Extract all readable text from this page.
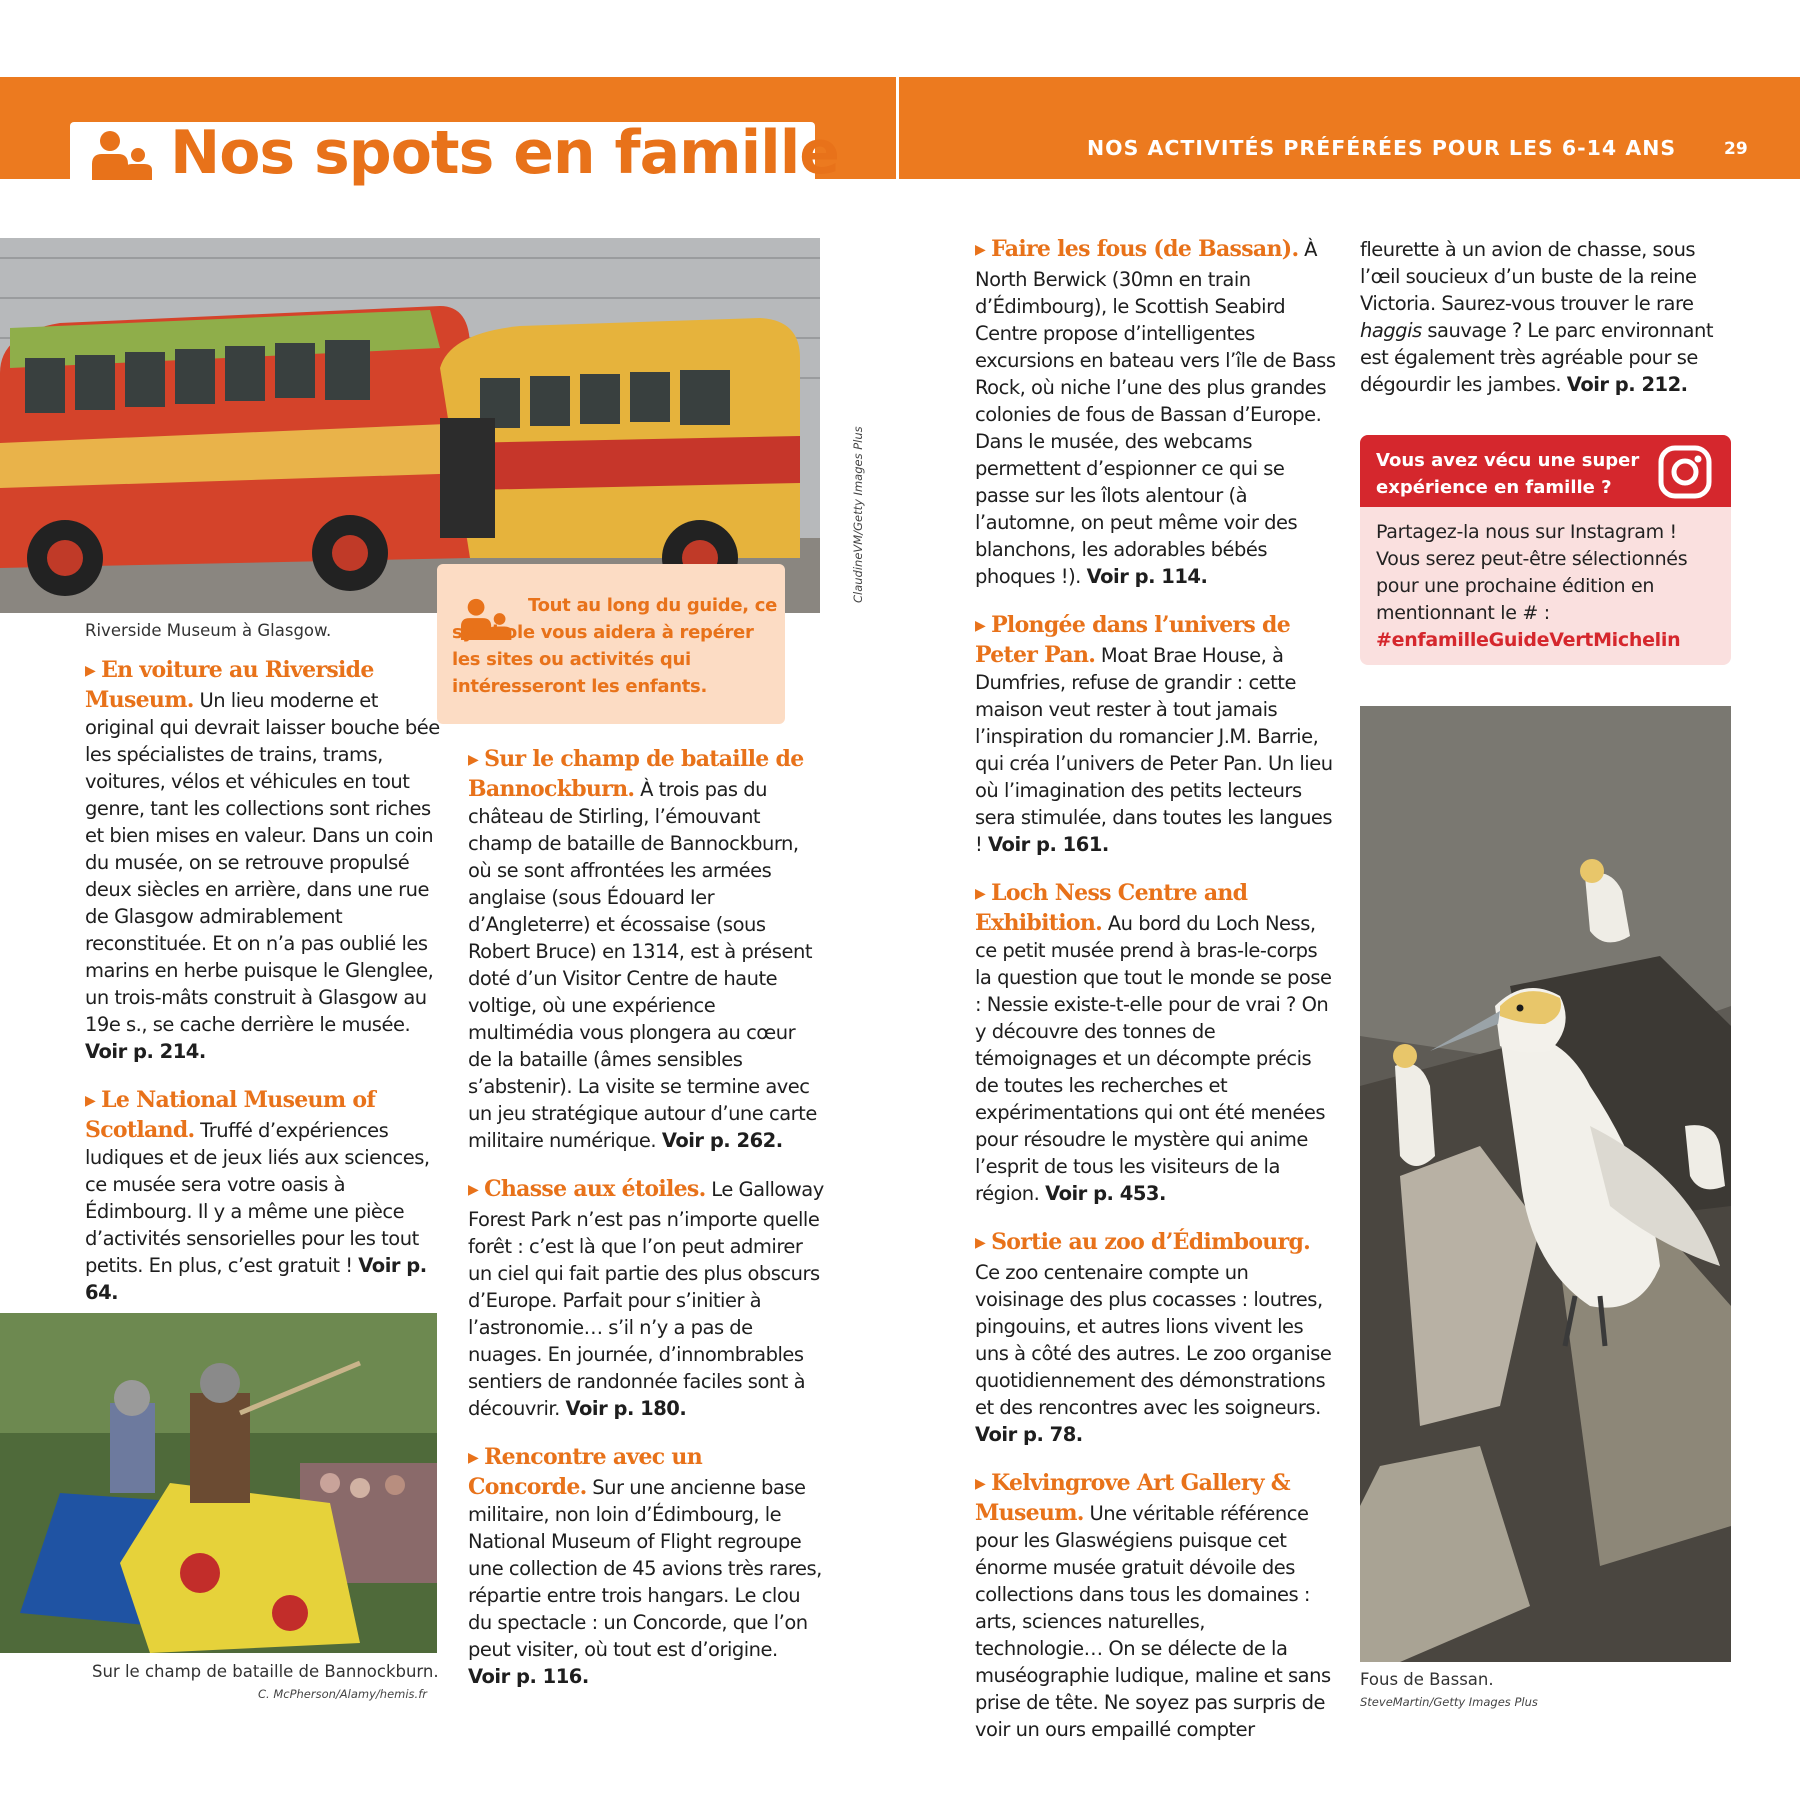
Nos spots en famille	NOS ACTIVITÉS PRÉFÉRÉES POUR LES 6-14 ANS	29
ClaudineVM/Getty Images Plus
Riverside Museum à Glasgow.
Tout au long du guide, ce symbole vous aidera à repérer les sites ou activités qui intéresseront les enfants.

▶ En voiture au Riverside Museum. Un lieu moderne et original qui devrait laisser bouche bée les spécialistes de trains, trams, voitures, vélos et véhicules en tout genre, tant les collections sont riches et bien mises en valeur. Dans un coin du musée, on se retrouve propulsé deux siècles en arrière, dans une rue de Glasgow admirablement reconstituée. Et on n’a pas oublié les marins en herbe puisque le Glenglee, un trois-mâts construit à Glasgow au 19e s., se cache derrière le musée. Voir p. 214.

▶ Le National Museum of Scotland. Truffé d’expériences ludiques et de jeux liés aux sciences, ce musée sera votre oasis à Édimbourg. Il y a même une pièce d’activités sensorielles pour les tout petits. En plus, c’est gratuit ! Voir p. 64.

Sur le champ de bataille de Bannockburn.
C. McPherson/Alamy/hemis.fr

▶ Sur le champ de bataille de Bannockburn. À trois pas du château de Stirling, l’émouvant champ de bataille de Bannockburn, où se sont affrontées les armées anglaise (sous Édouard Ier d’Angleterre) et écossaise (sous Robert Bruce) en 1314, est à présent doté d’un Visitor Centre de haute voltige, où une expérience multimédia vous plongera au cœur de la bataille (âmes sensibles s’abstenir). La visite se termine avec un jeu stratégique autour d’une carte militaire numérique. Voir p. 262.

▶ Chasse aux étoiles. Le Galloway Forest Park n’est pas n’importe quelle forêt : c’est là que l’on peut admirer un ciel qui fait partie des plus obscurs d’Europe. Parfait pour s’initier à l’astronomie… s’il n’y a pas de nuages. En journée, d’innombrables sentiers de randonnée faciles sont à découvrir. Voir p. 180.

▶ Rencontre avec un Concorde. Sur une ancienne base militaire, non loin d’Édimbourg, le National Museum of Flight regroupe une collection de 45 avions très rares, répartie entre trois hangars. Le clou du spectacle : un Concorde, que l’on peut visiter, où tout est d’origine. Voir p. 116.

▶ Faire les fous (de Bassan). À North Berwick (30mn en train d’Édimbourg), le Scottish Seabird Centre propose d’intelligentes excursions en bateau vers l’île de Bass Rock, où niche l’une des plus grandes colonies de fous de Bassan d’Europe. Dans le musée, des webcams permettent d’espionner ce qui se passe sur les îlots alentour (à l’automne, on peut même voir des blanchons, les adorables bébés phoques !). Voir p. 114.

▶ Plongée dans l’univers de Peter Pan. Moat Brae House, à Dumfries, refuse de grandir : cette maison veut rester à tout jamais l’inspiration du romancier J.M. Barrie, qui créa l’univers de Peter Pan. Un lieu où l’imagination des petits lecteurs sera stimulée, dans toutes les langues ! Voir p. 161.

▶ Loch Ness Centre and Exhibition. Au bord du Loch Ness, ce petit musée prend à bras-le-corps la question que tout le monde se pose : Nessie existe-t-elle pour de vrai ? On y découvre des tonnes de témoignages et un décompte précis de toutes les recherches et expérimentations qui ont été menées pour résoudre le mystère qui anime l’esprit de tous les visiteurs de la région. Voir p. 453.

▶ Sortie au zoo d’Édimbourg. Ce zoo centenaire compte un voisinage des plus cocasses : loutres, pingouins, et autres lions vivent les uns à côté des autres. Le zoo organise quotidiennement des démonstrations et des rencontres avec les soigneurs. Voir p. 78.

▶ Kelvingrove Art Gallery & Museum. Une véritable référence pour les Glaswégiens puisque cet énorme musée gratuit dévoile des collections dans tous les domaines : arts, sciences naturelles, technologie… On se délecte de la muséographie ludique, maline et sans prise de tête. Ne soyez pas surpris de voir un ours empaillé compter

fleurette à un avion de chasse, sous l’œil soucieux d’un buste de la reine Victoria. Saurez-vous trouver le rare haggis sauvage ? Le parc environnant est également très agréable pour se dégourdir les jambes. Voir p. 212.

Vous avez vécu une super expérience en famille ?
Partagez-la nous sur Instagram ! Vous serez peut-être sélectionnés pour une prochaine édition en mentionnant le # : #enfamilleGuideVertMichelin
Fous de Bassan.
SteveMartin/Getty Images Plus
